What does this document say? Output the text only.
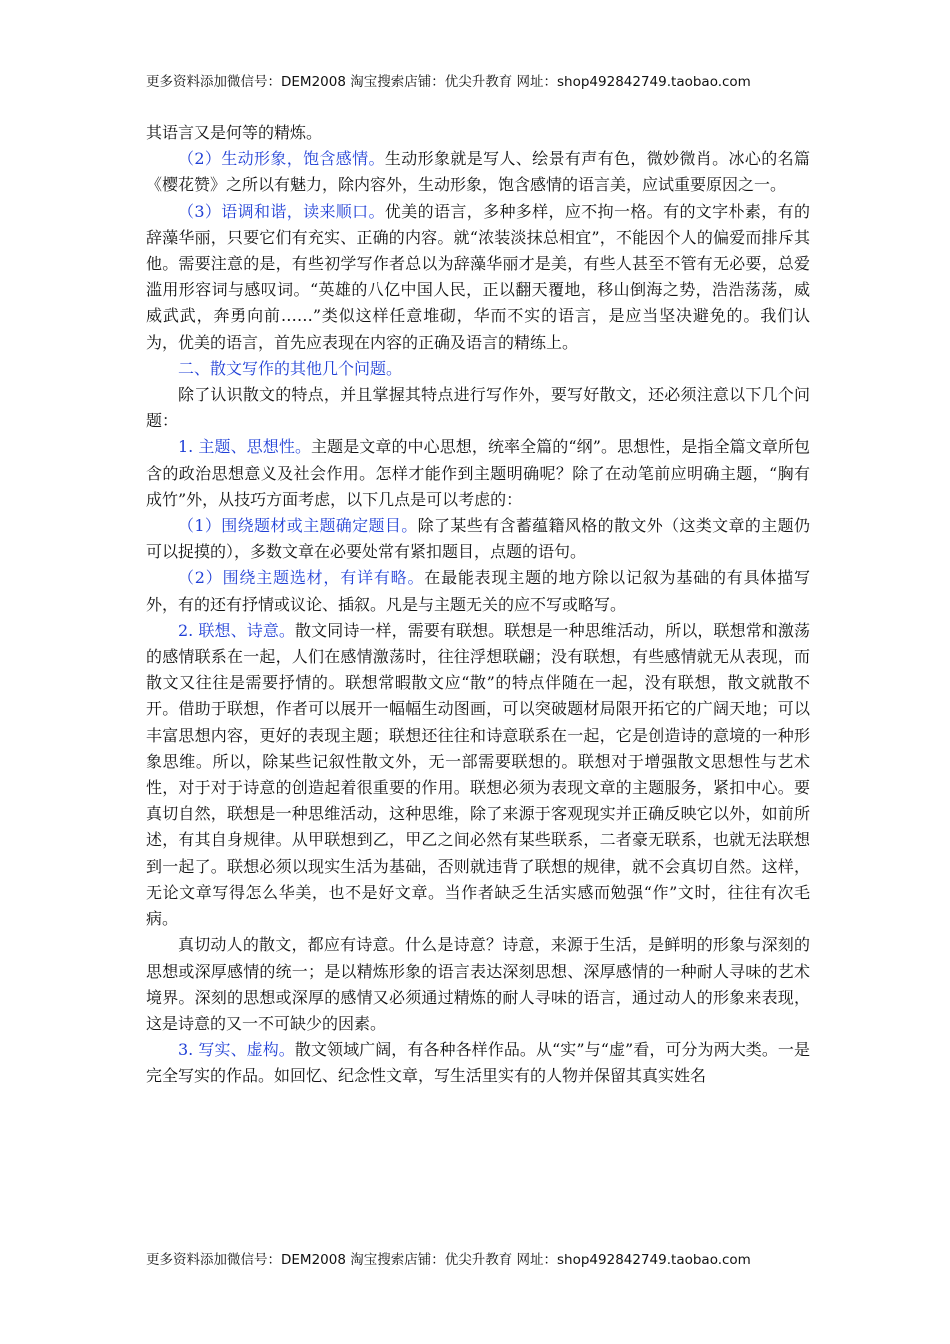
更多资料添加微信号：DEM2008 淘宝搜索店铺：优尖升教育 网址：shop492842749.taobao.com

其语言又是何等的精炼。

（2）生动形象，饱含感情。生动形象就是写人、绘景有声有色，微妙微肖。冰心的名篇《樱花赞》之所以有魅力，除内容外，生动形象，饱含感情的语言美，应试重要原因之一。

（3）语调和谐，读来顺口。优美的语言，多种多样，应不拘一格。有的文字朴素，有的辞藻华丽，只要它们有充实、正确的内容。就“浓装淡抹总相宜”，不能因个人的偏爱而排斥其他。需要注意的是，有些初学写作者总以为辞藻华丽才是美，有些人甚至不管有无必要，总爱滥用形容词与感叹词。“英雄的八亿中国人民，正以翻天覆地，移山倒海之势，浩浩荡荡，威威武武，奔勇向前……”类似这样任意堆砌，华而不实的语言，是应当坚决避免的。我们认为，优美的语言，首先应表现在内容的正确及语言的精练上。

二、散文写作的其他几个问题。

除了认识散文的特点，并且掌握其特点进行写作外，要写好散文，还必须注意以下几个问题：

1. 主题、思想性。主题是文章的中心思想，统率全篇的“纲”。思想性，是指全篇文章所包含的政治思想意义及社会作用。怎样才能作到主题明确呢？除了在动笔前应明确主题，“胸有成竹”外，从技巧方面考虑，以下几点是可以考虑的：

（1）围绕题材或主题确定题目。除了某些有含蓄蕴籍风格的散文外（这类文章的主题仍可以捉摸的），多数文章在必要处常有紧扣题目，点题的语句。

（2）围绕主题选材，有详有略。在最能表现主题的地方除以记叙为基础的有具体描写外，有的还有抒情或议论、插叙。凡是与主题无关的应不写或略写。

2. 联想、诗意。散文同诗一样，需要有联想。联想是一种思维活动，所以，联想常和激荡的感情联系在一起，人们在感情激荡时，往往浮想联翩；没有联想，有些感情就无从表现，而散文又往往是需要抒情的。联想常暇散文应“散”的特点伴随在一起，没有联想，散文就散不开。借助于联想，作者可以展开一幅幅生动图画，可以突破题材局限开拓它的广阔天地；可以丰富思想内容，更好的表现主题；联想还往往和诗意联系在一起，它是创造诗的意境的一种形象思维。所以，除某些记叙性散文外，无一部需要联想的。联想对于增强散文思想性与艺术性，对于对于诗意的创造起着很重要的作用。联想必须为表现文章的主题服务，紧扣中心。要真切自然，联想是一种思维活动，这种思维，除了来源于客观现实并正确反映它以外，如前所述，有其自身规律。从甲联想到乙，甲乙之间必然有某些联系，二者豪无联系，也就无法联想到一起了。联想必须以现实生活为基础，否则就违背了联想的规律，就不会真切自然。这样，无论文章写得怎么华美，也不是好文章。当作者缺乏生活实感而勉强“作”文时，往往有次毛病。

真切动人的散文，都应有诗意。什么是诗意？诗意，来源于生活，是鲜明的形象与深刻的思想或深厚感情的统一；是以精炼形象的语言表达深刻思想、深厚感情的一种耐人寻味的艺术境界。深刻的思想或深厚的感情又必须通过精炼的耐人寻味的语言，通过动人的形象来表现，这是诗意的又一不可缺少的因素。

3. 写实、虚构。散文领域广阔，有各种各样作品。从“实”与“虚”看，可分为两大类。一是完全写实的作品。如回忆、纪念性文章，写生活里实有的人物并保留其真实姓名

更多资料添加微信号：DEM2008 淘宝搜索店铺：优尖升教育 网址：shop492842749.taobao.com
